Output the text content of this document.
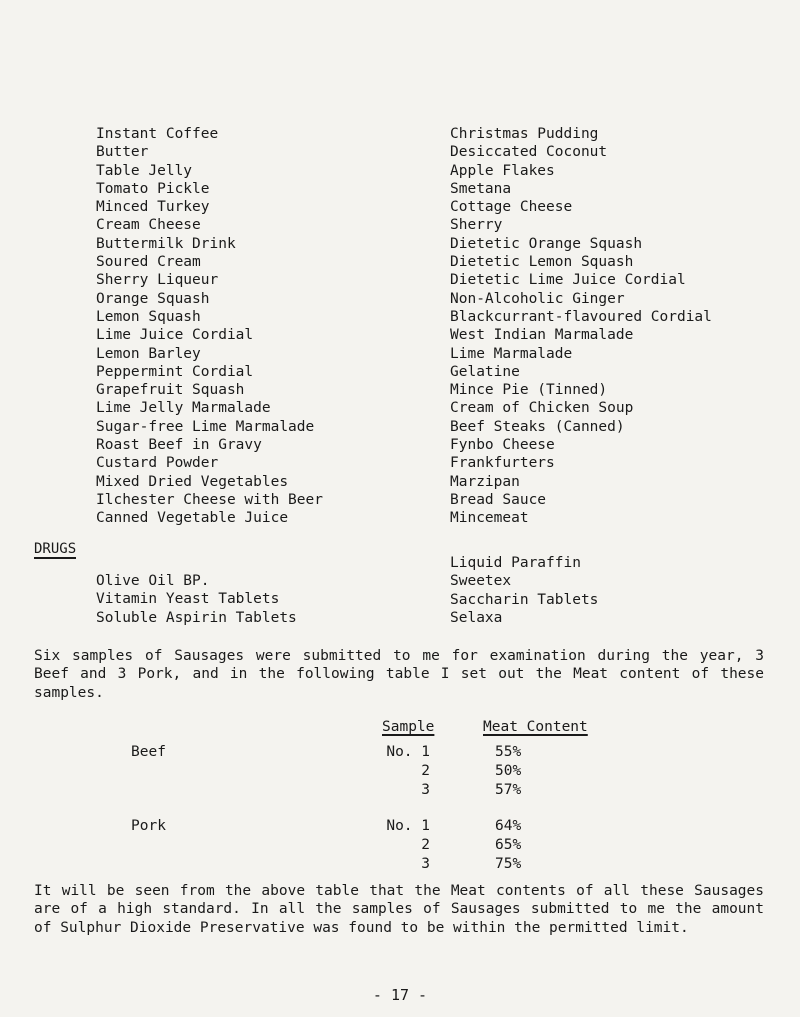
Instant Coffee
Butter
Table Jelly
Tomato Pickle
Minced Turkey
Cream Cheese
Buttermilk Drink
Soured Cream
Sherry Liqueur
Orange Squash
Lemon Squash
Lime Juice Cordial
Lemon Barley
Peppermint Cordial
Grapefruit Squash
Lime Jelly Marmalade
Sugar-free Lime Marmalade
Roast Beef in Gravy
Custard Powder
Mixed Dried Vegetables
Ilchester Cheese with Beer
Canned Vegetable Juice
Christmas Pudding
Desiccated Coconut
Apple Flakes
Smetana
Cottage Cheese
Sherry
Dietetic Orange Squash
Dietetic Lemon Squash
Dietetic Lime Juice Cordial
Non-Alcoholic Ginger
Blackcurrant-flavoured Cordial
West Indian Marmalade
Lime Marmalade
Gelatine
Mince Pie (Tinned)
Cream of Chicken Soup
Beef Steaks (Canned)
Fynbo Cheese
Frankfurters
Marzipan
Bread Sauce
Mincemeat
DRUGS
Olive Oil BP.
Vitamin Yeast Tablets
Soluble Aspirin Tablets
Liquid Paraffin
Sweetex
Saccharin Tablets
Selaxa
Six samples of Sausages were submitted to me for examination during the year, 3 Beef and 3 Pork, and in the following table I set out the Meat content of these samples.
Sample	Meat Content
Beef	No. 1	55%
2	50%
3	57%
Pork	No. 1	64%
2	65%
3	75%
It will be seen from the above table that the Meat contents of all these Sausages are of a high standard. In all the samples of Sausages submitted to me the amount of Sulphur Dioxide Preservative was found to be within the permitted limit.
- 17 -
